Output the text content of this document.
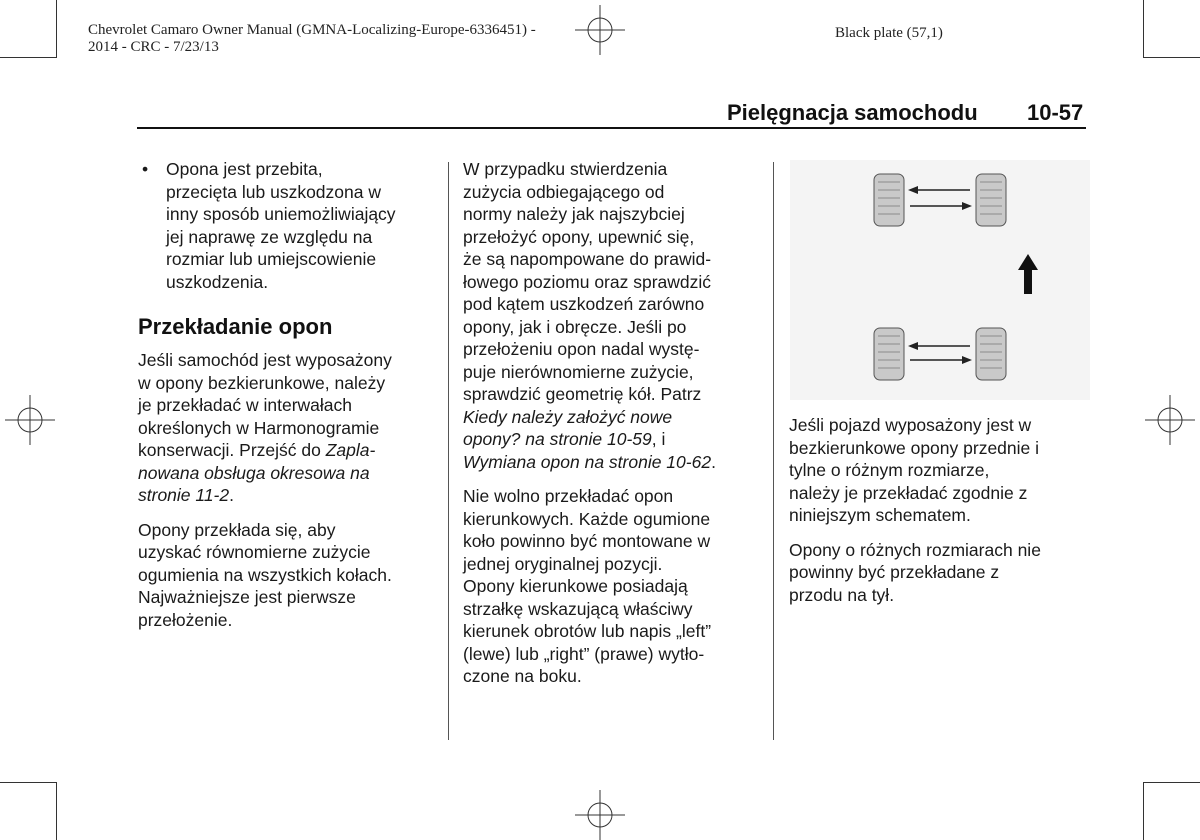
Chevrolet Camaro Owner Manual (GMNA-Localizing-Europe-6336451) -
2014 - CRC - 7/23/13
Black plate (57,1)
Pielęgnacja samochodu 10-57
• Opona jest przebita,
przecięta lub uszkodzona w
inny sposób uniemożliwiający
jej naprawę ze względu na
rozmiar lub umiejscowienie
uszkodzenia.
Przekładanie opon
Jeśli samochód jest wyposażony
w opony bezkierunkowe, należy
je przekładać w interwałach
określonych w Harmonogramie
konserwacji. Przejść do Zapla-
nowana obsługa okresowa na
stronie 11-2.
Opony przekłada się, aby
uzyskać równomierne zużycie
ogumienia na wszystkich kołach.
Najważniejsze jest pierwsze
przełożenie.
W przypadku stwierdzenia
zużycia odbiegającego od
normy należy jak najszybciej
przełożyć opony, upewnić się,
że są napompowane do prawid-
łowego poziomu oraz sprawdzić
pod kątem uszkodzeń zarówno
opony, jak i obręcze. Jeśli po
przełożeniu opon nadal wystę-
puje nierównomierne zużycie,
sprawdzić geometrię kół. Patrz
Kiedy należy założyć nowe
opony? na stronie 10-59, i
Wymiana opon na stronie 10-62.
Nie wolno przekładać opon
kierunkowych. Każde ogumione
koło powinno być montowane w
jednej oryginalnej pozycji.
Opony kierunkowe posiadają
strzałkę wskazującą właściwy
kierunek obrotów lub napis „left”
(lewe) lub „right” (prawe) wytło-
czone na boku.
Jeśli pojazd wyposażony jest w
bezkierunkowe opony przednie i
tylne o różnym rozmiarze,
należy je przekładać zgodnie z
niniejszym schematem.
Opony o różnych rozmiarach nie
powinny być przekładane z
przodu na tył.
